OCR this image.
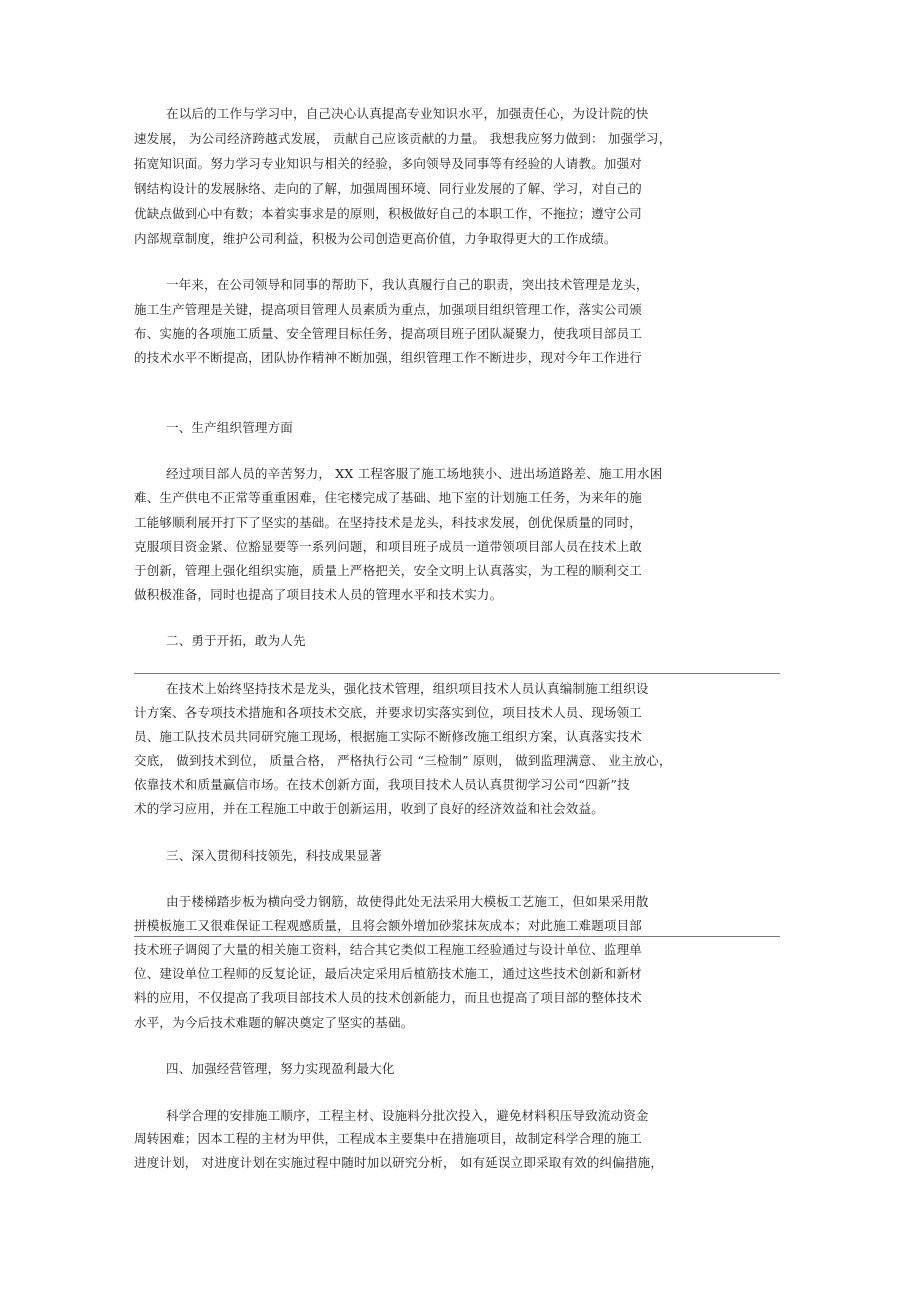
在以后的工作与学习中，自己决心认真提高专业知识水平，加强责任心，为设计院的快
速发展， 为公司经济跨越式发展， 贡献自己应该贡献的力量。 我想我应努力做到： 加强学习，
拓宽知识面。努力学习专业知识与相关的经验，多向领导及同事等有经验的人请教。加强对
钢结构设计的发展脉络、走向的了解，加强周围环境、同行业发展的了解、学习，对自己的
优缺点做到心中有数；本着实事求是的原则，积极做好自己的本职工作，不拖拉；遵守公司
内部规章制度，维护公司利益，积极为公司创造更高价值，力争取得更大的工作成绩。
一年来，在公司领导和同事的帮助下，我认真履行自己的职责，突出技术管理是龙头，
施工生产管理是关键，提高项目管理人员素质为重点，加强项目组织管理工作，落实公司颁
布、实施的各项施工质量、安全管理目标任务，提高项目班子团队凝聚力，使我项目部员工
的技术水平不断提高，团队协作精神不断加强，组织管理工作不断进步，现对今年工作进行
一、生产组织管理方面
经过项目部人员的辛苦努力， XX 工程客服了施工场地狭小、进出场道路差、施工用水困
难、生产供电不正常等重重困难，住宅楼完成了基础、地下室的计划施工任务，为来年的施
工能够顺利展开打下了坚实的基础。在坚持技术是龙头，科技求发展，创优保质量的同时，
克服项目资金紧、位豁显要等一系列问题，和项目班子成员一道带领项目部人员在技术上敢
于创新，管理上强化组织实施，质量上严格把关，安全文明上认真落实，为工程的顺利交工
做积极准备，同时也提高了项目技术人员的管理水平和技术实力。
二、勇于开拓，敢为人先
在技术上始终坚持技术是龙头，强化技术管理，组织项目技术人员认真编制施工组织设
计方案、各专项技术措施和各项技术交底，并要求切实落实到位，项目技术人员、现场领工
员、施工队技术员共同研究施工现场，根据施工实际不断修改施工组织方案，认真落实技术
交底， 做到技术到位， 质量合格， 严格执行公司 “三检制” 原则， 做到监理满意、 业主放心，
依靠技术和质量赢信市场。在技术创新方面，我项目技术人员认真贯彻学习公司“四新”技
术的学习应用，并在工程施工中敢于创新运用，收到了良好的经济效益和社会效益。
三、深入贯彻科技领先，科技成果显著
由于楼梯踏步板为横向受力钢筋，故使得此处无法采用大模板工艺施工，但如果采用散
拼模板施工又很难保证工程观感质量，且将会额外增加砂浆抹灰成本；对此施工难题项目部
技术班子调阅了大量的相关施工资料，结合其它类似工程施工经验通过与设计单位、监理单
位、建设单位工程师的反复论证，最后决定采用后植筋技术施工，通过这些技术创新和新材
料的应用，不仅提高了我项目部技术人员的技术创新能力，而且也提高了项目部的整体技术
水平，为今后技术难题的解决奠定了坚实的基础。
四、加强经营管理，努力实现盈利最大化
科学合理的安排施工顺序，工程主材、设施料分批次投入，避免材料积压导致流动资金
周转困难；因本工程的主材为甲供，工程成本主要集中在措施项目，故制定科学合理的施工
进度计划， 对进度计划在实施过程中随时加以研究分析， 如有延误立即采取有效的纠偏措施，
